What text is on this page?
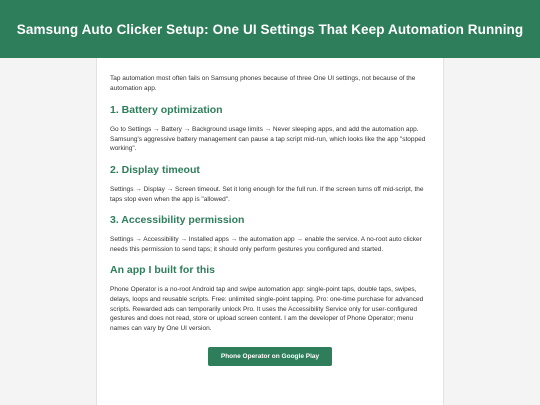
Samsung Auto Clicker Setup: One UI Settings That Keep Automation Running

Tap automation most often fails on Samsung phones because of three One UI settings, not because of the automation app.

1. Battery optimization

Go to Settings → Battery → Background usage limits → Never sleeping apps, and add the automation app. Samsung's aggressive battery management can pause a tap script mid-run, which looks like the app "stopped working".

2. Display timeout

Settings → Display → Screen timeout. Set it long enough for the full run. If the screen turns off mid-script, the taps stop even when the app is "allowed".

3. Accessibility permission

Settings → Accessibility → Installed apps → the automation app → enable the service. A no-root auto clicker needs this permission to send taps; it should only perform gestures you configured and started.

An app I built for this

Phone Operator is a no-root Android tap and swipe automation app: single-point taps, double taps, swipes, delays, loops and reusable scripts. Free: unlimited single-point tapping. Pro: one-time purchase for advanced scripts. Rewarded ads can temporarily unlock Pro. It uses the Accessibility Service only for user-configured gestures and does not read, store or upload screen content. I am the developer of Phone Operator; menu names can vary by One UI version.

Phone Operator on Google Play
